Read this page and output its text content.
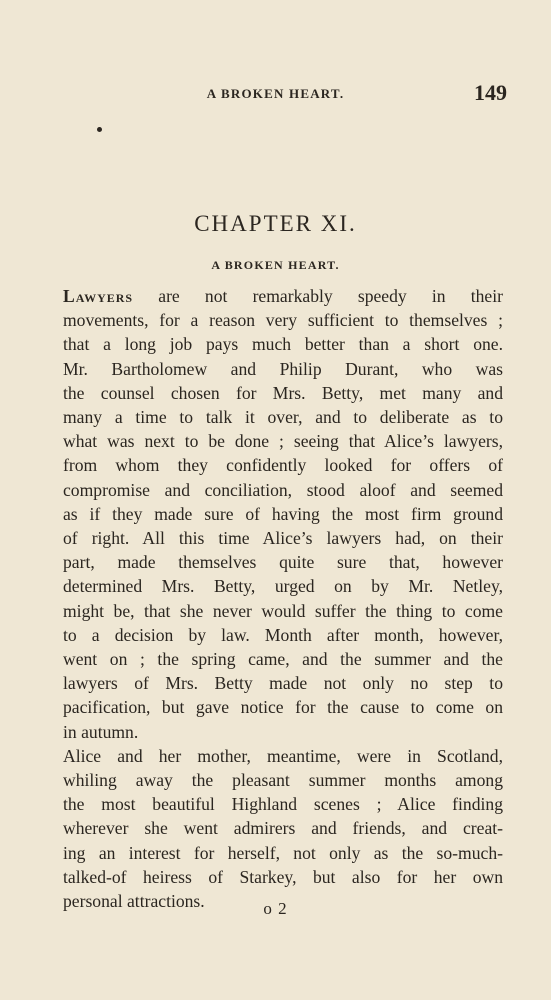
A BROKEN HEART.	149
CHAPTER XI.
A BROKEN HEART.
Lawyers are not remarkably speedy in their
movements, for a reason very sufficient to themselves ;
that a long job pays much better than a short one.
Mr. Bartholomew and Philip Durant, who was
the counsel chosen for Mrs. Betty, met many and
many a time to talk it over, and to deliberate as to
what was next to be done ; seeing that Alice’s lawyers,
from whom they confidently looked for offers of
compromise and conciliation, stood aloof and seemed
as if they made sure of having the most firm ground
of right. All this time Alice’s lawyers had, on their
part, made themselves quite sure that, however
determined Mrs. Betty, urged on by Mr. Netley,
might be, that she never would suffer the thing to come
to a decision by law. Month after month, however,
went on ; the spring came, and the summer and the
lawyers of Mrs. Betty made not only no step to
pacification, but gave notice for the cause to come on
in autumn.
Alice and her mother, meantime, were in Scotland,
whiling away the pleasant summer months among
the most beautiful Highland scenes ; Alice finding
wherever she went admirers and friends, and creat-
ing an interest for herself, not only as the so-much-
talked-of heiress of Starkey, but also for her own
personal attractions.	o 2
